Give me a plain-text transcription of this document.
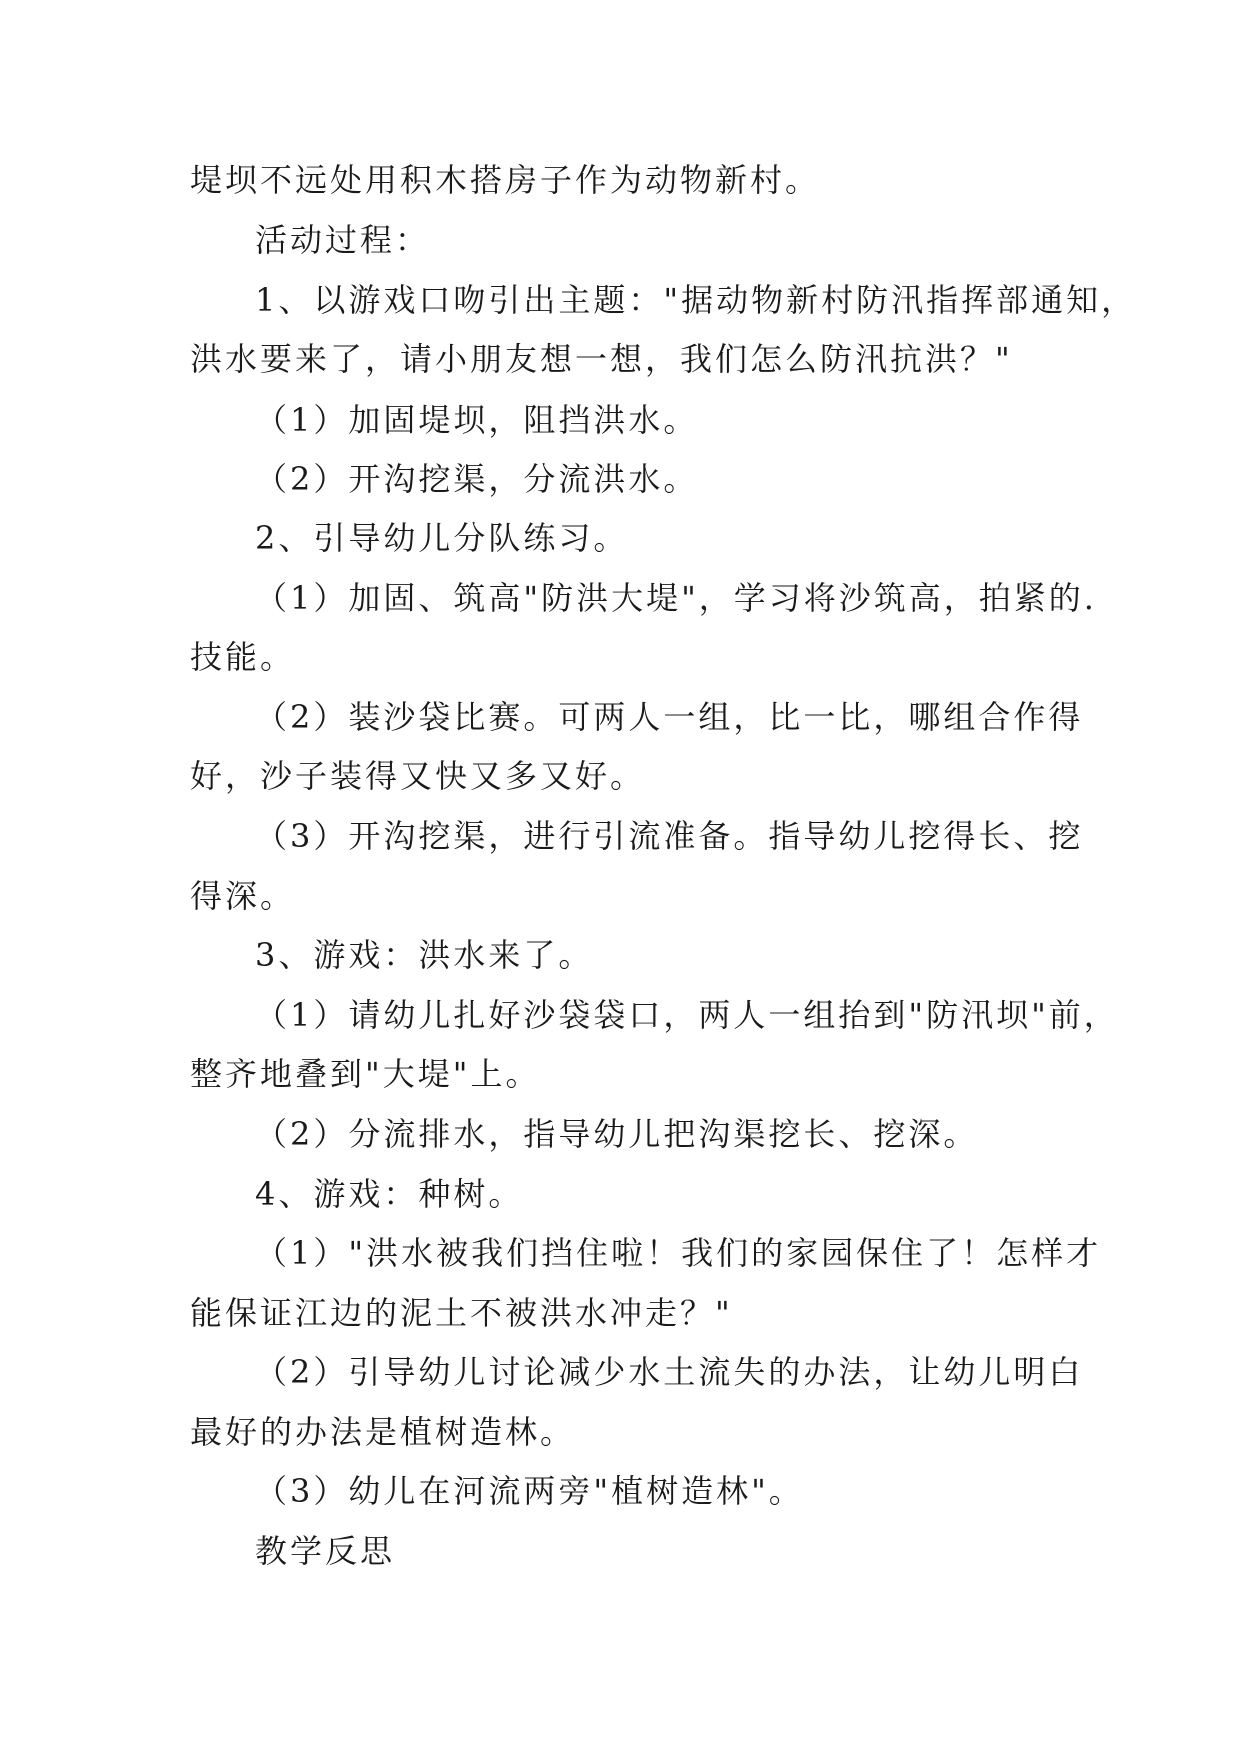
堤坝不远处用积木搭房子作为动物新村。

活动过程：

1、以游戏口吻引出主题："据动物新村防汛指挥部通知，

洪水要来了，请小朋友想一想，我们怎么防汛抗洪？"

（1）加固堤坝，阻挡洪水。

（2）开沟挖渠，分流洪水。

2、引导幼儿分队练习。

（1）加固、筑高"防洪大堤"，学习将沙筑高，拍紧的.

技能。

（2）装沙袋比赛。可两人一组，比一比，哪组合作得

好，沙子装得又快又多又好。

（3）开沟挖渠，进行引流准备。指导幼儿挖得长、挖

得深。

3、游戏：洪水来了。

（1）请幼儿扎好沙袋袋口，两人一组抬到"防汛坝"前，

整齐地叠到"大堤"上。

（2）分流排水，指导幼儿把沟渠挖长、挖深。

4、游戏：种树。

（1）"洪水被我们挡住啦！我们的家园保住了！怎样才

能保证江边的泥土不被洪水冲走？"

（2）引导幼儿讨论减少水土流失的办法，让幼儿明白

最好的办法是植树造林。

（3）幼儿在河流两旁"植树造林"。

教学反思
